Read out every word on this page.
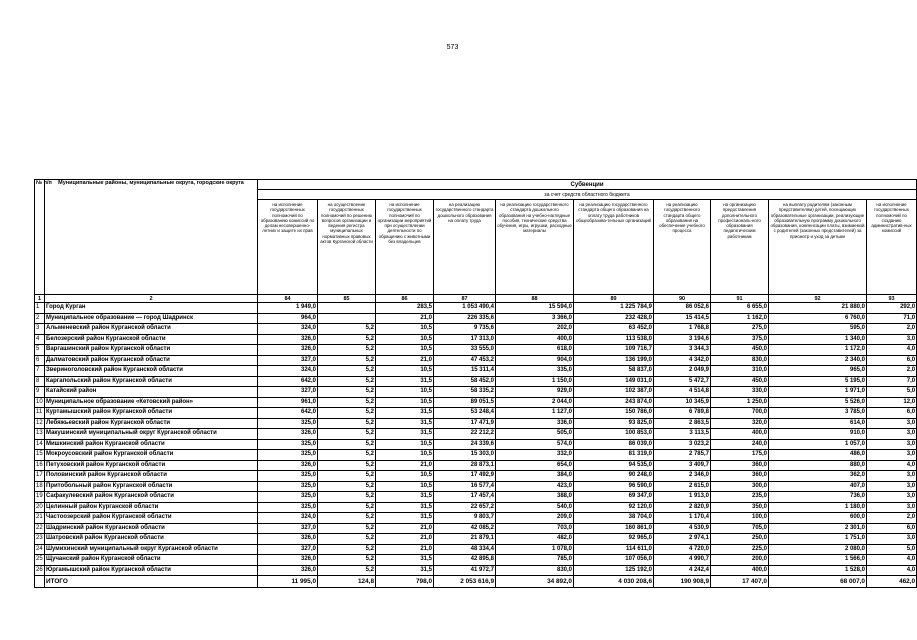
573
№ п/п	Муниципальные районы, муниципальные округа, городские округа	Субвенции									
		за счет средств областного бюджета									
		на исполнение государственных полномочий по образованию комиссий по делам несовершенно-летних и защите их прав	на осуществление государственных полномочий по решению вопросов организации и ведения регистра муниципальных нормативных правовых актов Курганской области	на исполнение государственных полномочий по организации мероприятий при осуществлении деятельности по обращению с животными без владельцев	на реализацию государственного стандарта дошкольного образования на оплату труда	на реализацию государственного стандарта дошкольного образования на учебно-наглядные пособия, технические средства обучения, игры, игрушки, расходные материалы	на реализацию государственного стандарта общего образования на оплату труда работников общеобразова-тельных организаций	на реализацию государственного стандарта общего образования на обеспечение учебного процесса	на организацию предоставления дополнительного профессиональ-ного образования педагогическим работникам	на выплату родителям (законным представителям) детей, посещающих образовательные организации, реализующие образовательную программу дошкольного образования, компенсации платы, взимаемой с родителей (законных представителей) за присмотр и уход за детьми	на исполнение государственных полномочий по созданию административ-ных комиссий
1	2	84	85	86	87	88	89	90	91	92	93
1	Город Курган	1 949,0		283,5	1 053 490,4	15 594,0	1 225 784,9	86 052,6	6 655,0	21 880,0	292,0
2	Муниципальное образование — город Шадринск	964,0		21,0	226 335,6	3 366,0	232 428,0	15 414,5	1 162,0	6 760,0	71,0
3	Альменевский район Курганской области	324,0	5,2	10,5	9 735,6	202,0	63 452,0	1 768,8	275,0	595,0	2,0
4	Белозерский район Курганской области	326,0	5,2	10,5	17 313,0	400,0	113 538,0	3 194,6	375,0	1 340,0	3,0
5	Варгашинский район Курганской области	326,0	5,2	10,5	33 555,0	618,0	109 716,7	3 344,3	450,0	1 172,0	4,0
6	Далматовский район Курганской области	327,0	5,2	21,0	47 453,2	904,0	136 199,0	4 342,0	830,0	2 340,0	6,0
7	Звериноголовский район Курганской области	324,0	5,2	10,5	15 311,4	335,0	58 837,0	2 049,9	310,0	965,0	2,0
8	Каргапольский район Курганской области	642,0	5,2	31,5	58 452,0	1 150,0	149 031,0	5 472,7	450,0	5 195,0	7,0
9	Катайский район	327,0	5,2	10,5	58 335,2	929,0	102 387,0	4 514,8	330,0	1 971,0	5,0
10	Муниципальное образование «Кетовский район»	961,0	5,2	10,5	89 051,5	2 044,0	243 874,0	10 345,9	1 250,0	5 526,0	12,0
11	Куртамышский район Курганской области	642,0	5,2	31,5	53 248,4	1 127,0	150 786,0	6 789,8	700,0	3 785,0	6,0
12	Лебяжьевский район Курганской области	325,0	5,2	31,5	17 471,9	336,0	93 825,0	2 863,5	320,0	614,0	3,0
13	Макушинский муниципальный округ Курганской области	326,0	5,2	31,5	22 212,2	505,0	100 853,0	3 113,5	400,0	910,0	3,0
14	Мишкинский район Курганской области	325,0	5,2	10,5	24 339,6	574,0	86 039,0	3 023,2	240,0	1 057,0	3,0
15	Мокроусовский район Курганской области	325,0	5,2	10,5	15 303,0	332,0	81 319,0	2 785,7	175,0	486,0	3,0
16	Петуховский район Курганской области	326,0	5,2	21,0	28 873,1	654,0	94 535,0	3 409,7	360,0	880,0	4,0
17	Половинский район Курганской области	325,0	5,2	10,5	17 492,9	384,0	90 248,0	2 346,0	360,0	362,0	3,0
18	Притобольный район Курганской области	325,0	5,2	10,5	16 577,4	423,0	96 590,0	2 615,0	300,0	407,0	3,0
19	Сафакулевский район Курганской области	325,0	5,2	31,5	17 457,4	388,0	69 347,0	1 913,0	235,0	736,0	3,0
20	Целинный район Курганской области	325,0	5,2	31,5	22 657,2	540,0	92 120,0	2 820,9	350,0	1 180,0	3,0
21	Частоозерский район Курганской области	324,0	5,2	31,5	9 803,7	209,0	38 704,0	1 170,4	100,0	600,0	2,0
22	Шадринский район Курганской области	327,0	5,2	21,0	42 085,2	703,0	160 861,0	4 530,9	705,0	2 301,0	6,0
23	Шатровский район Курганской области	326,0	5,2	21,0	21 879,1	482,0	92 965,0	2 974,1	250,0	1 751,0	3,0
24	Шумихинский муниципальный округ Курганской области	327,0	5,2	21,0	48 334,4	1 078,0	114 611,0	4 720,0	225,0	2 080,0	5,0
25	Щучанский район Курганской области	326,0	5,2	31,5	42 895,8	785,0	107 056,0	4 990,7	200,0	1 566,0	4,0
26	Юргамышский район Курганской области	326,0	5,2	31,5	41 972,7	830,0	125 192,0	4 242,4	400,0	1 528,0	4,0
	ИТОГО	11 995,0	124,8	798,0	2 053 616,9	34 892,0	4 030 208,6	190 908,9	17 407,0	68 007,0	462,0
